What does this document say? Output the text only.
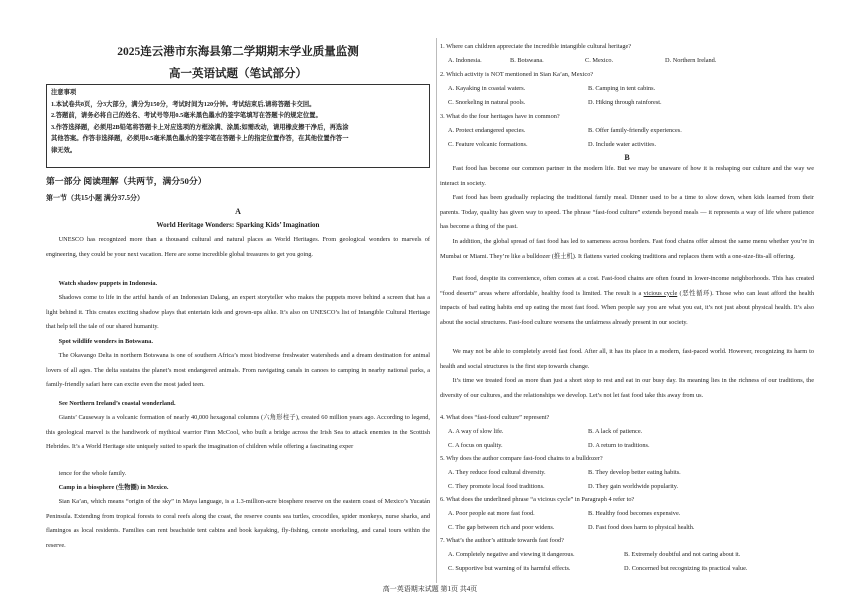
2025连云港市东海县第二学期期末学业质量监测
高一英语试题（笔试部分）
注意事项
1.本试卷共8页，分3大部分，满分为150分，考试时间为120分钟。考试结束后,请将答题卡交回。
2.答题前，请务必将自己的姓名、考试号等用0.5毫米黑色墨水的签字笔填写在答题卡的规定位置。
3.作答选择题，必须用2B铅笔将答题卡上对应选项的方框涂满、涂黑;如需改动，请用橡皮擦干净后，再选涂
其他答案。作答非选择题，必须用0.5毫米黑色墨水的签字笔在答题卡上的指定位置作答，在其他位置作答一
律无效。
第一部分 阅读理解（共两节，满分50分）
第一节（共15小题 满分37.5分）
A
World Heritage Wonders: Sparking Kids’ Imagination
UNESCO has recognized more than a thousand cultural and natural places as World Heritages. From geological wonders to marvels of engineering, they could be your next vacation. Here are some incredible global treasures to get you going.
Watch shadow puppets in Indonesia.
Shadows come to life in the artful hands of an Indonesian Dalang, an expert storyteller who makes the puppets move behind a screen that has a light behind it. This creates exciting shadow plays that entertain kids and grown-ups alike. It’s also on UNESCO’s list of Intangible Cultural Heritage that help tell the tale of our shared humanity.
Spot wildlife wonders in Botswana.
The Okavango Delta in northern Botswana is one of southern Africa’s most biodiverse freshwater watersheds and a dream destination for animal lovers of all ages. The delta sustains the planet’s most endangered animals. From navigating canals in canoes to camping in nearby national parks, a family-friendly safari here can excite even the most jaded teen.
See Northern Ireland’s coastal wonderland.
Giants’ Causeway is a volcanic formation of nearly 40,000 hexagonal columns (六角形柱子), created 60 million years ago. According to legend, this geological marvel is the handiwork of mythical warrior Finn McCool, who built a bridge across the Irish Sea to attack enemies in the Scottish Hebrides. It’s a World Heritage site uniquely suited to spark the imagination of children while offering a fascinating exper
ience for the whole family.
Camp in a biosphere (生物圈) in Mexico.
Sian Ka’an, which means “origin of the sky” in Maya language, is a 1.3-million-acre biosphere reserve on the eastern coast of Mexico’s Yucatán Peninsula. Extending from tropical forests to coral reefs along the coast, the reserve counts sea turtles, crocodiles, spider monkeys, nurse sharks, and flamingos as local residents. Families can rent beachside tent cabins and book kayaking, fly-fishing, cenote snorkeling, and canal tours within the reserve.
1. Where can children appreciate the incredible intangible cultural heritage?
A. Indonesia.	B. Botswana.	C. Mexico.	D. Northern Ireland.
2. Which activity is NOT mentioned in Sian Ka’an, Mexico?
A. Kayaking in coastal waters.	B. Camping in tent cabins.
C. Snorkeling in natural pools.	D. Hiking through rainforest.
3. What do the four heritages have in common?
A. Protect endangered species.	B. Offer family-friendly experiences.
C. Feature volcanic formations.	D. Include water activities.
B
Fast food has become our common partner in the modern life. But we may be unaware of how it is reshaping our culture and the way we interact in society.
Fast food has been gradually replacing the traditional family meal. Dinner used to be a time to slow down, when kids learned from their parents. Today, quality has given way to speed. The phrase “fast-food culture” extends beyond meals — it represents a way of life where patience has become a thing of the past.
In addition, the global spread of fast food has led to sameness across borders. Fast food chains offer almost the same menu whether you’re in Mumbai or Miami. They’re like a bulldozer (推土机). It flattens varied cooking traditions and replaces them with a one-size-fits-all offering.
Fast food, despite its convenience, often comes at a cost. Fast-food chains are often found in lower-income neighborhoods. This has created “food deserts” areas where affordable, healthy food is limited. The result is a vicious cycle (恶性循环). Those who can least afford the health impacts of bad eating habits end up eating the most fast food. When people say you are what you eat, it’s not just about physical health. It’s also about the social structures. Fast-food culture worsens the unfairness already present in our society.
We may not be able to completely avoid fast food. After all, it has its place in a modern, fast-paced world. However, recognizing its harm to health and social structures is the first step towards change.
It’s time we treated food as more than just a short stop to rest and eat in our busy day. Its meaning lies in the richness of our traditions, the diversity of our cultures, and the relationships we develop. Let’s not let fast food take this away from us.
4. What does “fast-food culture” represent?
A. A way of slow life.	B. A lack of patience.
C. A focus on quality.	D. A return to traditions.
5. Why does the author compare fast-food chains to a bulldozer?
A. They reduce food cultural diversity.	B. They develop better eating habits.
C. They promote local food traditions.	D. They gain worldwide popularity.
6. What does the underlined phrase “a vicious cycle” in Paragraph 4 refer to?
A. Poor people eat more fast food.	B. Healthy food becomes expensive.
C. The gap between rich and poor widens.	D. Fast food does harm to physical health.
7. What’s the author’s attitude towards fast food?
A. Completely negative and viewing it dangerous.	B. Extremely doubtful and not caring about it.
C. Supportive but warning of its harmful effects.	D. Concerned but recognizing its practical value.
高一英语期末试题 第1页 共4页
